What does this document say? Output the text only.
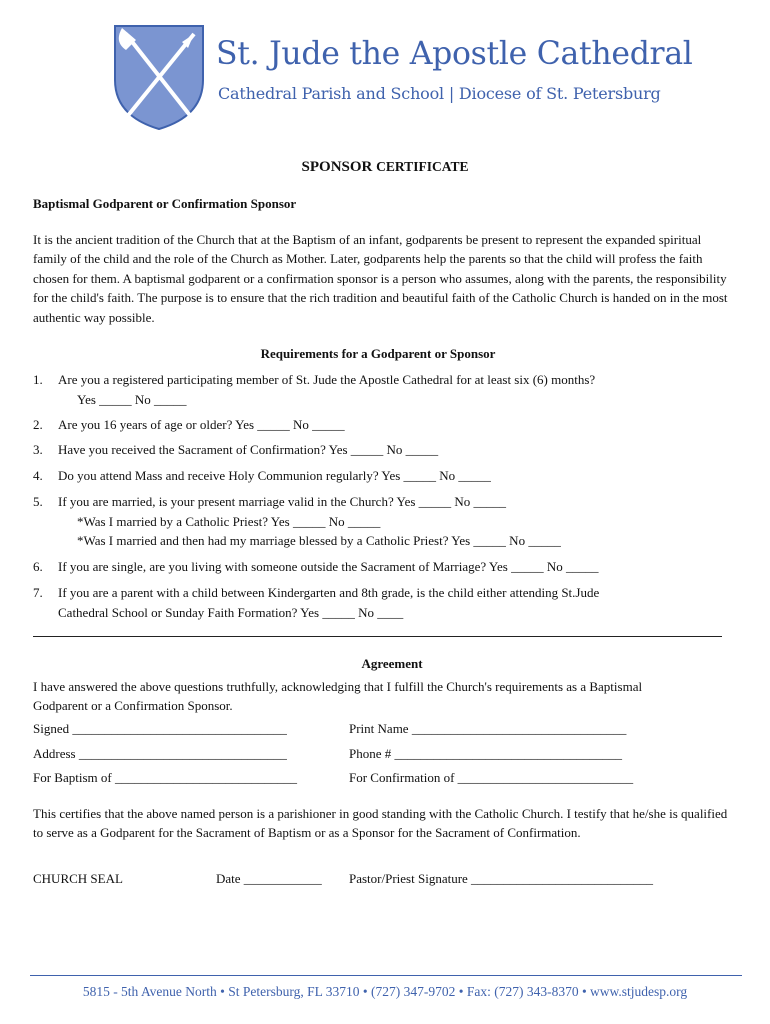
St. Jude the Apostle Cathedral
Cathedral Parish and School | Diocese of St. Petersburg
SPONSOR CERTIFICATE
Baptismal Godparent or Confirmation Sponsor
It is the ancient tradition of the Church that at the Baptism of an infant, godparents be present to represent the expanded spiritual family of the child and the role of the Church as Mother. Later, godparents help the parents so that the child will profess the faith chosen for them. A baptismal godparent or a confirmation sponsor is a person who assumes, along with the parents, the responsibility for the child's faith. The purpose is to ensure that the rich tradition and beautiful faith of the Catholic Church is handed on in the most authentic way possible.
Requirements for a Godparent or Sponsor
1.	Are you a registered participating member of St. Jude the Apostle Cathedral for at least six (6) months?
Yes _____ No _____
2.	Are you 16 years of age or older? Yes _____ No _____
3.	Have you received the Sacrament of Confirmation? Yes _____ No _____
4.	Do you attend Mass and receive Holy Communion regularly? Yes _____ No _____
5.	If you are married, is your present marriage valid in the Church? Yes _____ No _____
*Was I married by a Catholic Priest? Yes _____ No _____
*Was I married and then had my marriage blessed by a Catholic Priest? Yes _____ No _____
6.	If you are single, are you living with someone outside the Sacrament of Marriage? Yes _____ No _____
7.	If you are a parent with a child between Kindergarten and 8th grade, is the child either attending St.Jude
Cathedral School or Sunday Faith Formation? Yes _____ No ____
Agreement
I have answered the above questions truthfully, acknowledging that I fulfill the Church's requirements as a Baptismal Godparent or a Confirmation Sponsor.
Signed _________________________________	Print Name _________________________________
Address ________________________________	Phone # ___________________________________
For Baptism of ____________________________	For Confirmation of ___________________________
This certifies that the above named person is a parishioner in good standing with the Catholic Church. I testify that he/she is qualified to serve as a Godparent for the Sacrament of Baptism or as a Sponsor for the Sacrament of Confirmation.
CHURCH SEAL	Date ____________ Pastor/Priest Signature ____________________________
5815 - 5th Avenue North • St Petersburg, FL 33710 • (727) 347-9702 • Fax: (727) 343-8370 • www.stjudesp.org
